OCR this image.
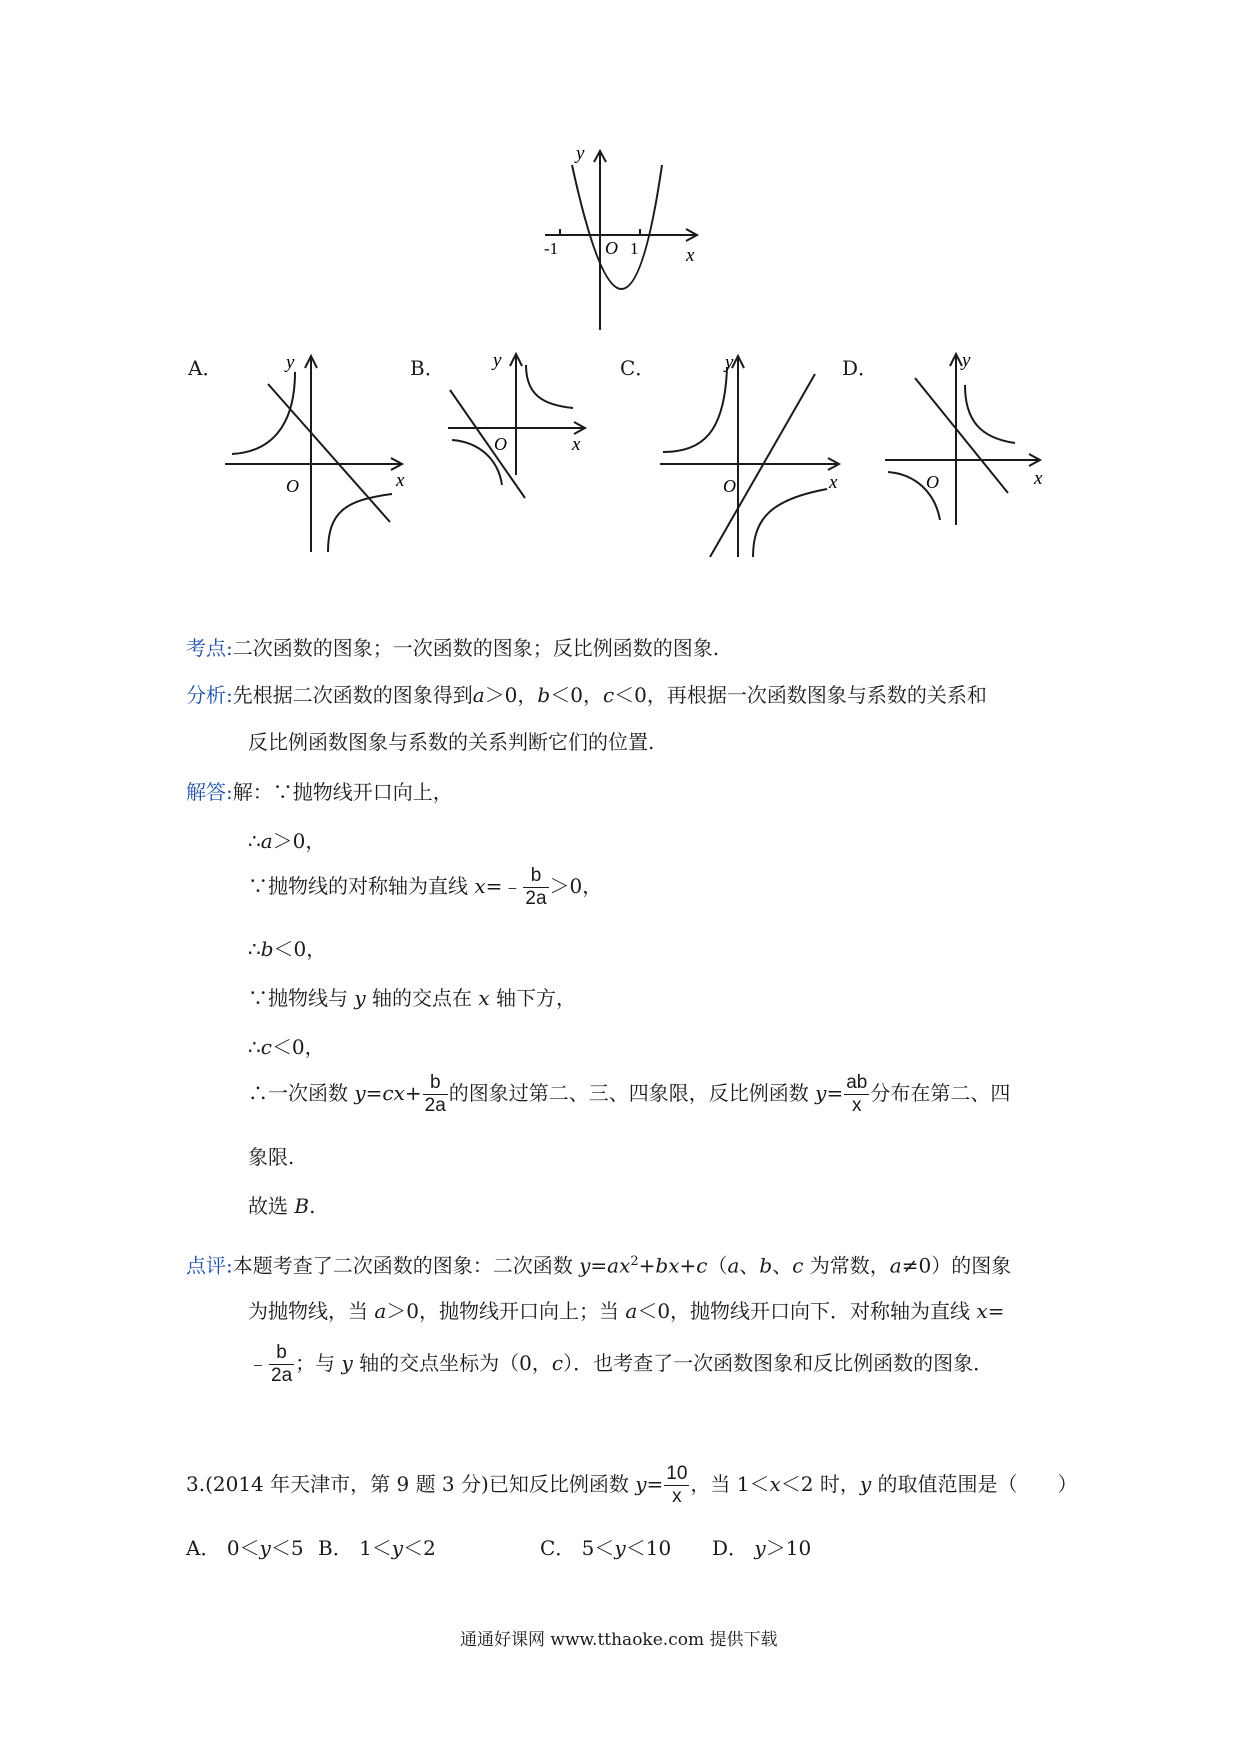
y
x
O
-1	1
A．	y
x
O
B．	y
x
O
C．	y
x
O
D．	y
x
O
考点:二次函数的图象；一次函数的图象；反比例函数的图象.
分析:先根据二次函数的图象得到a＞0，b＜0，c＜0，再根据一次函数图象与系数的关系和
反比例函数图象与系数的关系判断它们的位置.
解答:解：∵抛物线开口向上，
∴a＞0，
∵抛物线的对称轴为直线 x=﹣ $\frac{b}{2a} >0$，
∴b＜0，
∵抛物线与 y 轴的交点在 x 轴下方，
∴c＜0，
∴一次函数 $y=cx+ \frac{b}{2a}$ 的图象过第二、三、四象限，反比例函数 $y= \frac{ab}{x}$ 分布在第二、四
象限.
故选 B.
点评:本题考查了二次函数的图象：二次函数 $y=ax^2+bx+c(a$、b、c 为常数，a≠0）的图象
为抛物线，当 a＞0，抛物线开口向上；当 a＜0，抛物线开口向下．对称轴为直线 x=
﹣ $\frac{b}{2a}$ ；与 y 轴的交点坐标为（0，c）．也考查了一次函数图象和反比例函数的图象．
3.(2014 年天津市，第 9 题 3 分)已知反比例函数 $y= \frac{10}{x}$ ，当 1＜x＜2 时，y 的取值范围是（　　）
A． 0＜y＜5 B． 1＜y＜2	C． 5＜y＜10 D． y＞10
通通好课网 www.tthaoke.com 提供下载
